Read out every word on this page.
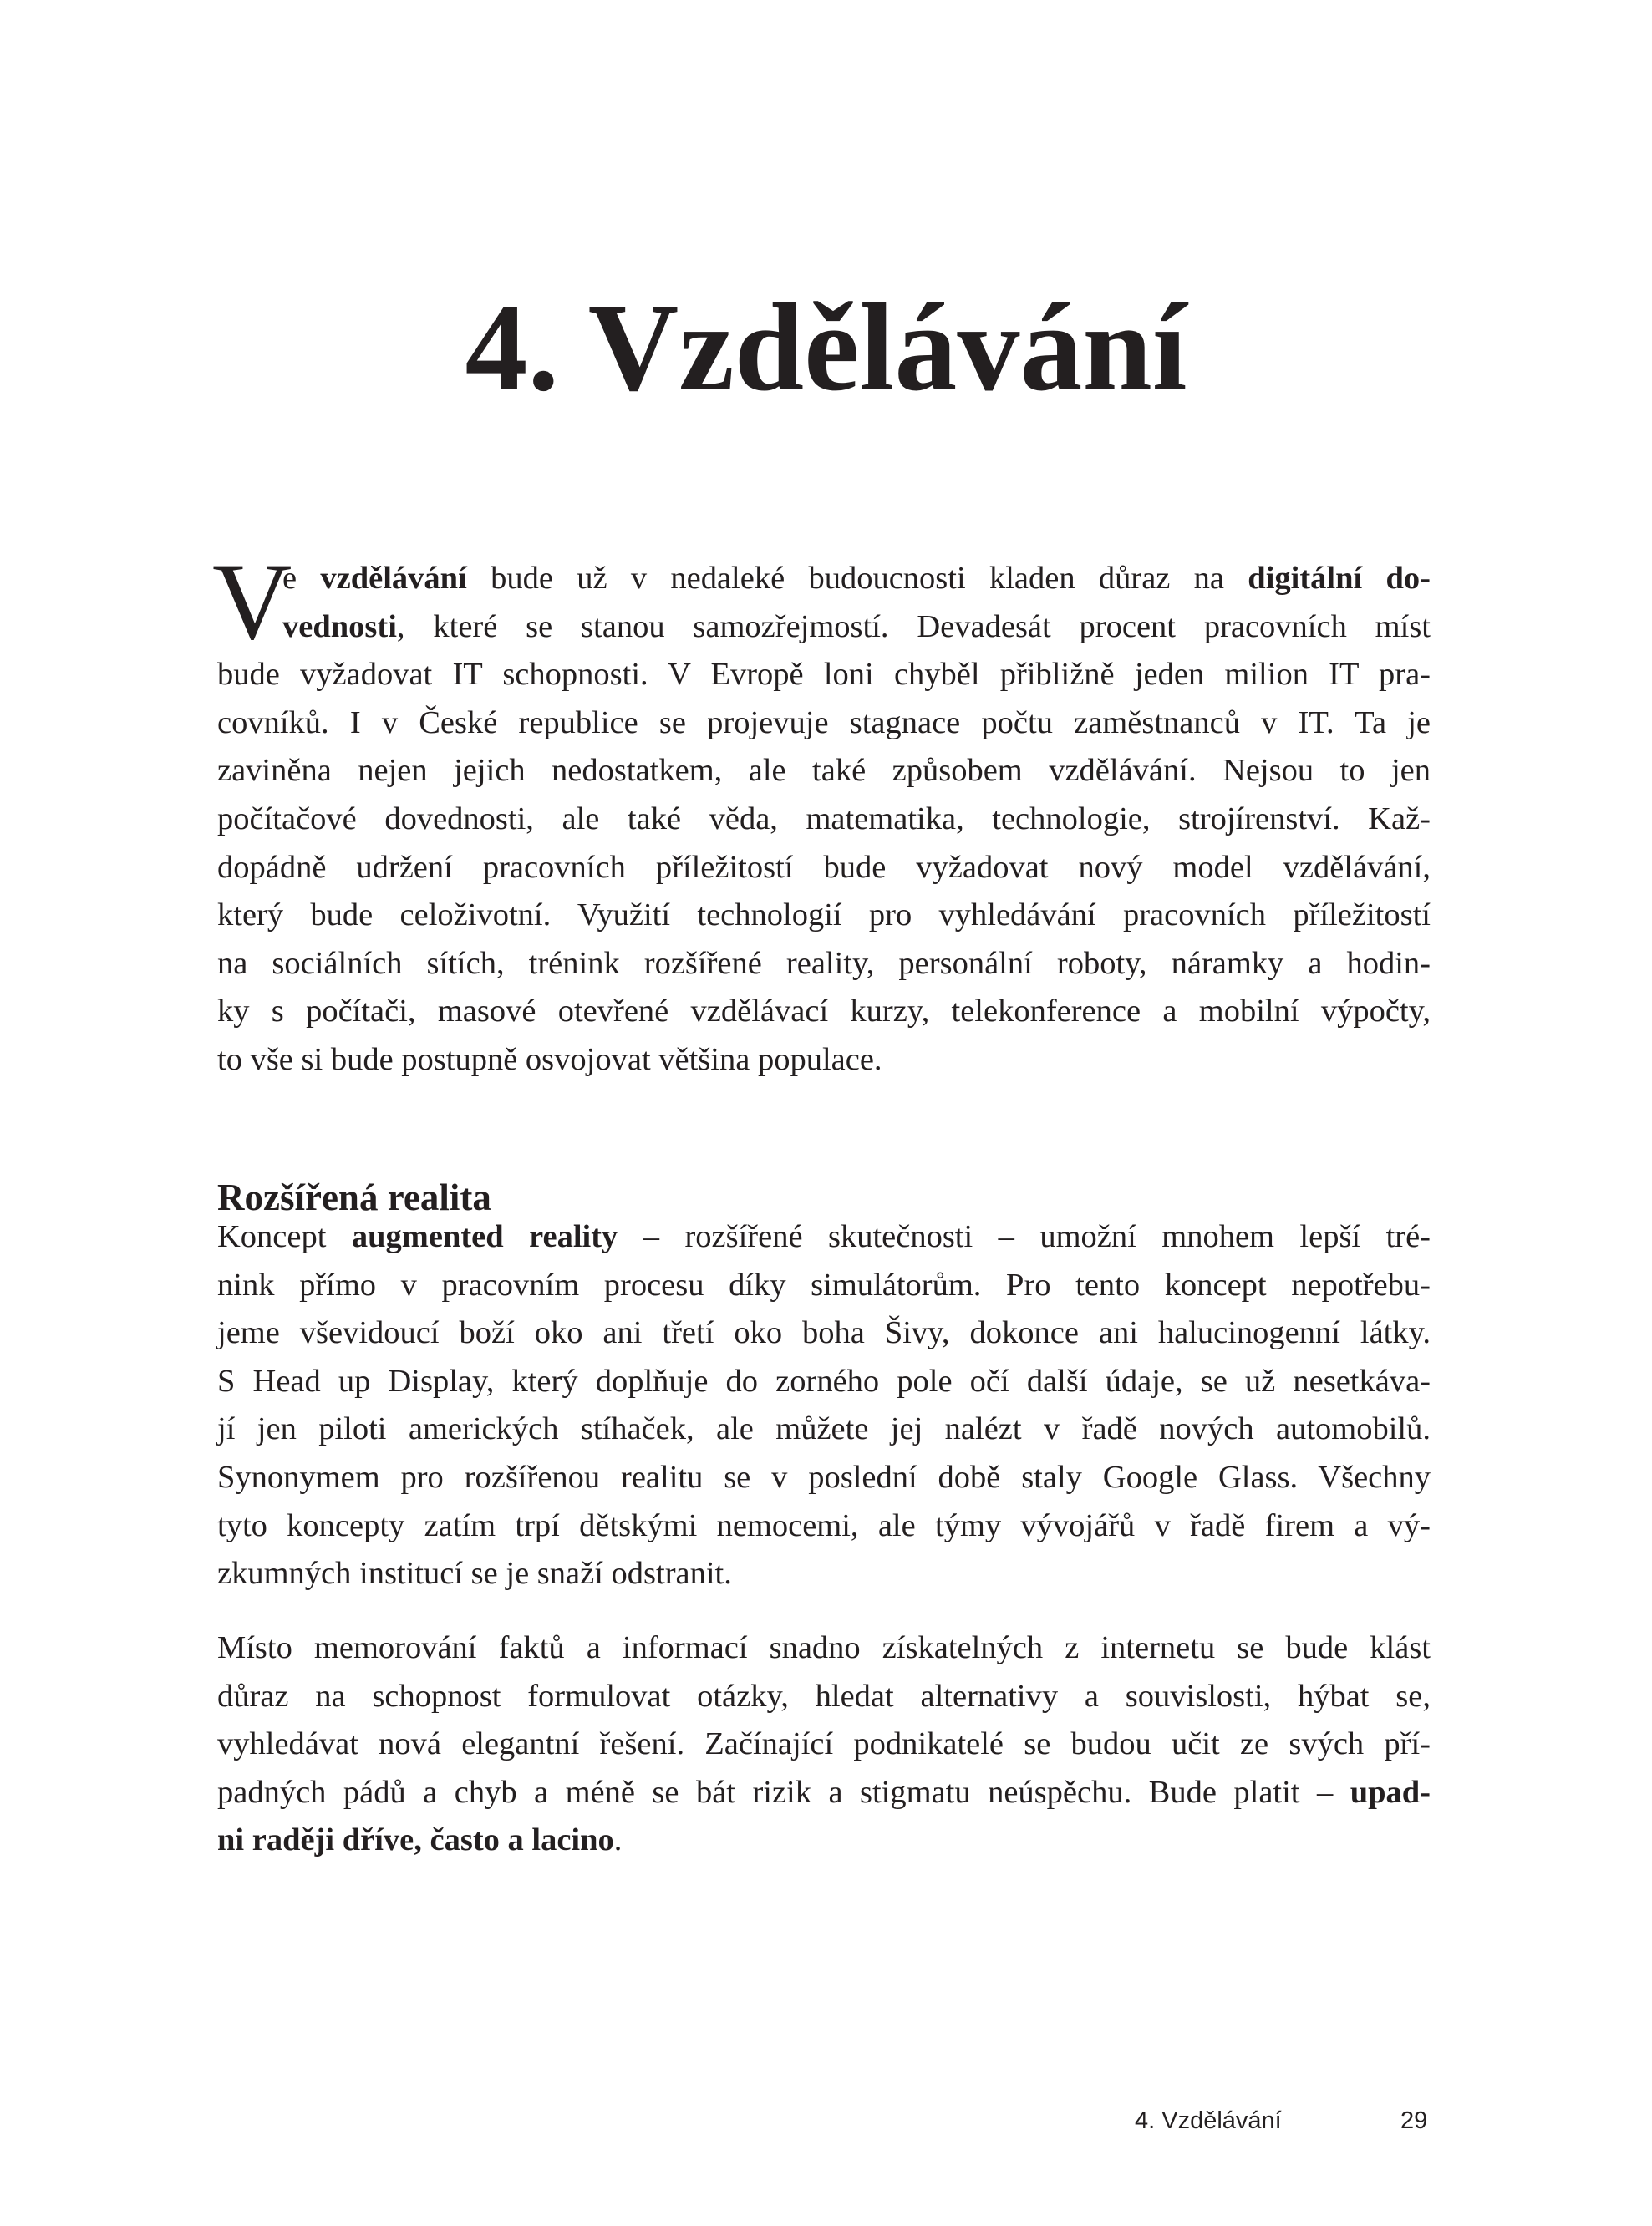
4. Vzdělávání
V
e vzdělávání bude už v nedaleké budoucnosti kladen důraz na digitální do-
vednosti, které se stanou samozřejmostí. Devadesát procent pracovních míst
bude vyžadovat IT schopnosti. V Evropě loni chyběl přibližně jeden milion IT pra-
covníků. I v České republice se projevuje stagnace počtu zaměstnanců v IT. Ta je
zaviněna nejen jejich nedostatkem, ale také způsobem vzdělávání. Nejsou to jen
počítačové dovednosti, ale také věda, matematika, technologie, strojírenství. Kaž-
dopádně udržení pracovních příležitostí bude vyžadovat nový model vzdělávání,
který bude celoživotní. Využití technologií pro vyhledávání pracovních příležitostí
na sociálních sítích, trénink rozšířené reality, personální roboty, náramky a hodin-
ky s počítači, masové otevřené vzdělávací kurzy, telekonference a mobilní výpočty,
to vše si bude postupně osvojovat většina populace.
Rozšířená realita
Koncept augmented reality – rozšířené skutečnosti – umožní mnohem lepší tré-
nink přímo v pracovním procesu díky simulátorům. Pro tento koncept nepotřebu-
jeme vševidoucí boží oko ani třetí oko boha Šivy, dokonce ani halucinogenní látky.
S Head up Display, který doplňuje do zorného pole očí další údaje, se už nesetkáva-
jí jen piloti amerických stíhaček, ale můžete jej nalézt v řadě nových automobilů.
Synonymem pro rozšířenou realitu se v poslední době staly Google Glass. Všechny
tyto koncepty zatím trpí dětskými nemocemi, ale týmy vývojářů v řadě firem a vý-
zkumných institucí se je snaží odstranit.
Místo memorování faktů a informací snadno získatelných z internetu se bude klást
důraz na schopnost formulovat otázky, hledat alternativy a souvislosti, hýbat se,
vyhledávat nová elegantní řešení. Začínající podnikatelé se budou učit ze svých pří-
padných pádů a chyb a méně se bát rizik a stigmatu neúspěchu. Bude platit – upad-
ni raději dříve, často a lacino.
4. Vzdělávání	29
